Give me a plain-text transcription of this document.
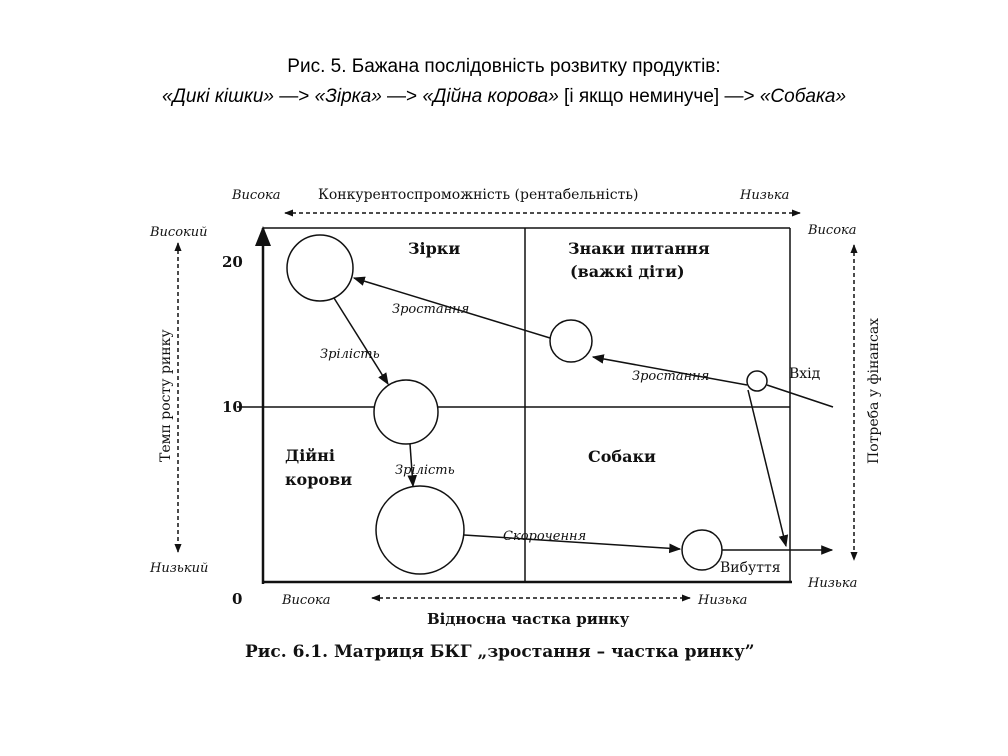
Рис. 5. Бажана послідовність розвитку продуктів:
«Дикі кішки» —> «Зірка» —> «Дійна корова» [і якщо неминуче] —> «Собака»
Висока	Конкурентоспроможність (рентабельність)	Низька
Високий
Низький
Темп росту ринку
Висока
Низька
Потреба у фінансах
Висока	Низька
Відносна частка ринку
20
10
0
Зірки	Знаки питання
(важкі діти)
Дійні
корови
Собаки
Зростання
Зростання	Вхід
Зрілість
Зрілість
Скорочення
Вибуття
Рис. 6.1. Матриця БКГ „зростання – частка ринку”
